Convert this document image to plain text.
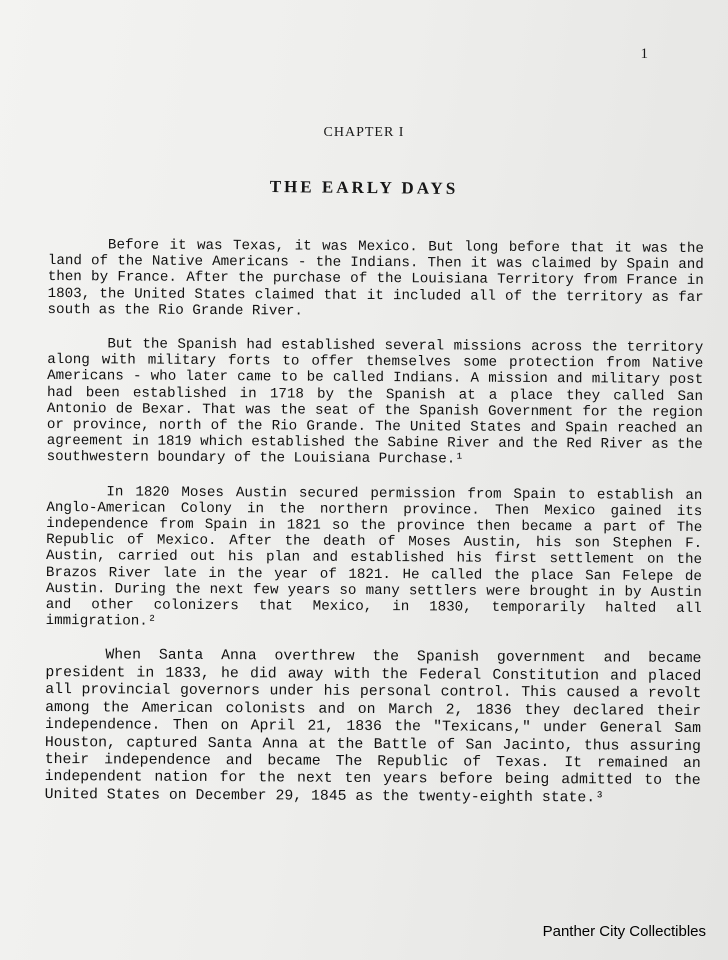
1
CHAPTER I
THE EARLY DAYS

Before it was Texas, it was Mexico. But long before that it was the land of the Native Americans - the Indians. Then it was claimed by Spain and then by France. After the purchase of the Louisiana Territory from France in 1803, the United States claimed that it included all of the territory as far south as the Rio Grande River.

But the Spanish had established several missions across the territory along with military forts to offer themselves some protection from Native Americans - who later came to be called Indians. A mission and military post had been established in 1718 by the Spanish at a place they called San Antonio de Bexar. That was the seat of the Spanish Government for the region or province, north of the Rio Grande. The United States and Spain reached an agreement in 1819 which established the Sabine River and the Red River as the southwestern boundary of the Louisiana Purchase.¹

In 1820 Moses Austin secured permission from Spain to establish an Anglo-American Colony in the northern province. Then Mexico gained its independence from Spain in 1821 so the province then became a part of The Republic of Mexico. After the death of Moses Austin, his son Stephen F. Austin, carried out his plan and established his first settlement on the Brazos River late in the year of 1821. He called the place San Felepe de Austin. During the next few years so many settlers were brought in by Austin and other colonizers that Mexico, in 1830, temporarily halted all immigration.²

When Santa Anna overthrew the Spanish government and became president in 1833, he did away with the Federal Constitution and placed all provincial governors under his personal control. This caused a revolt among the American colonists and on March 2, 1836 they declared their independence. Then on April 21, 1836 the "Texicans," under General Sam Houston, captured Santa Anna at the Battle of San Jacinto, thus assuring their independence and became The Republic of Texas. It remained an independent nation for the next ten years before being admitted to the United States on December 29, 1845 as the twenty-eighth state.³

Panther City Collectibles
